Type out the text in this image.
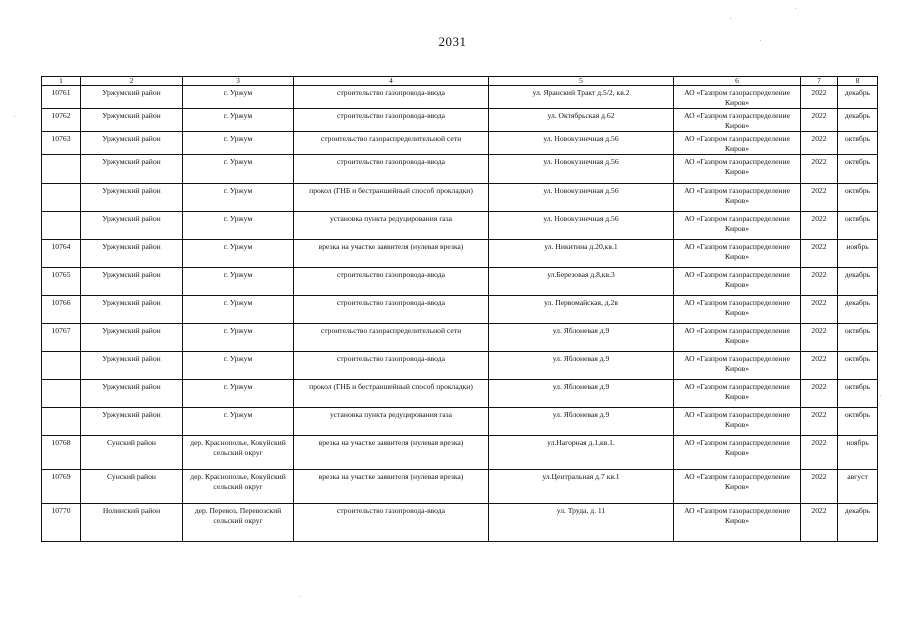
2031
1	2	3	4	5	6	7	8
10761	Уржумский район	г. Уржум	строительство газопровода-ввода	ул. Яранский Тракт д.5/2, кв.2	АО «Газпром газораспределение Киров»	2022	декабрь
10762	Уржумский район	г. Уржум	строительство газопровода-ввода	ул. Октябрьская д.62	АО «Газпром газораспределение Киров»	2022	декабрь
10763	Уржумский район	г. Уржум	строительство газораспределительной сети	ул. Новокузнечная д.56	АО «Газпром газораспределение Киров»	2022	октябрь
	Уржумский район	г. Уржум	строительство газопровода-ввода	ул. Новокузнечная д.56	АО «Газпром газораспределение Киров»	2022	октябрь
	Уржумский район	г. Уржум	прокол (ГНБ и бестраншейный способ прокладки)	ул. Новокузнечная д.56	АО «Газпром газораспределение Киров»	2022	октябрь
	Уржумский район	г. Уржум	установка пункта редуцирования газа	ул. Новокузнечная д.56	АО «Газпром газораспределение Киров»	2022	октябрь
10764	Уржумский район	г. Уржум	врезка на участке заявителя (нулевая врезка)	ул. Никитина д.20,кв.1	АО «Газпром газораспределение Киров»	2022	ноябрь
10765	Уржумский район	г. Уржум	строительство газопровода-ввода	ул.Березовая д.8,кв.3	АО «Газпром газораспределение Киров»	2022	декабрь
10766	Уржумский район	г. Уржум	строительство газопровода-ввода	ул. Первомайская, д.2в	АО «Газпром газораспределение Киров»	2022	декабрь
10767	Уржумский район	г. Уржум	строительство газораспределительной сети	ул. Яблоневая д.9	АО «Газпром газораспределение Киров»	2022	октябрь
	Уржумский район	г. Уржум	строительство газопровода-ввода	ул. Яблоневая д.9	АО «Газпром газораспределение Киров»	2022	октябрь
	Уржумский район	г. Уржум	прокол (ГНБ и бестраншейный способ прокладки)	ул. Яблоневая д.9	АО «Газпром газораспределение Киров»	2022	октябрь
	Уржумский район	г. Уржум	установка пункта редуцирования газа	ул. Яблоневая д.9	АО «Газпром газораспределение Киров»	2022	октябрь
10768	Сунский район	дер. Краснополье, Кокуйский сельский округ	врезка на участке заявителя (нулевая врезка)	ул.Нагорная д.1,кв.1.	АО «Газпром газораспределение Киров»	2022	ноябрь
10769	Сунский район	дер. Краснополье, Кокуйский сельский округ	врезка на участке заявителя (нулевая врезка)	ул.Центральная д.7 кв.1	АО «Газпром газораспределение Киров»	2022	август
10770	Нолинский район	дер. Перевоз, Перевозский сельский округ	строительство газопровода-ввода	ул. Труда, д. 11	АО «Газпром газораспределение Киров»	2022	декабрь
